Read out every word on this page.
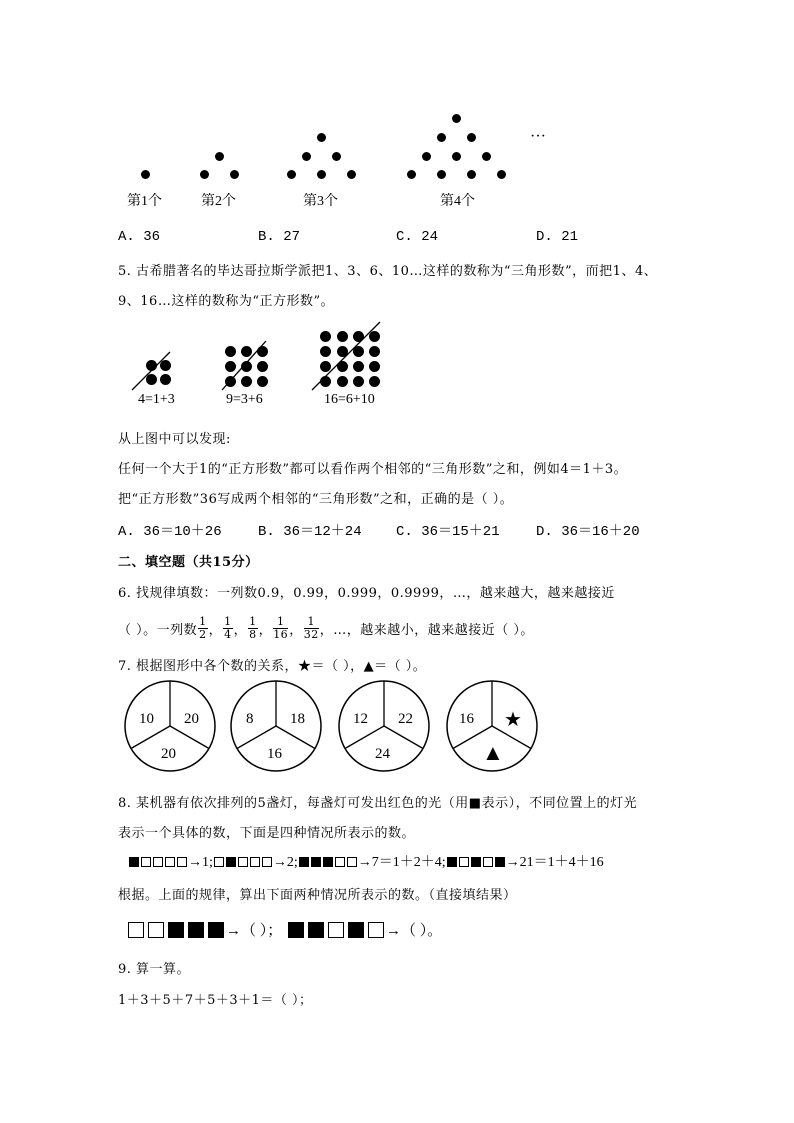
···
第1个	第2个	第3个	第4个
A. 36	B. 27	C. 24	D. 21
5. 古希腊著名的毕达哥拉斯学派把1、3、6、10…这样的数称为“三角形数”，而把1、4、
9、16…这样的数称为“正方形数”。
4=1+3	9=3+6	16=6+10
从上图中可以发现:
任何一个大于1的“正方形数”都可以看作两个相邻的“三角形数”之和，例如4＝1＋3。
把“正方形数”36写成两个相邻的“三角形数”之和，正确的是（ ）。
A. 36＝10＋26	B. 36＝12＋24 C. 36＝15＋21	D. 36＝16＋20
二、填空题（共15分）
6. 找规律填数：一列数0.9，0.99，0.999，0.9999，…，越来越大，越来越接近
（ ）。一列数 $\frac{1}{2}$ ， $\frac{1}{4}$ ， $\frac{1}{8}$ ， $\frac{1}{16}$ ， $\frac{1}{32}$ ，…，越来越小，越来越接近（ ）。
7. 根据图形中各个数的关系，★＝（ ），▲＝（ ）。
10 20
20
8 18
16
12 22
24
16 ★
▲
8. 某机器有依次排列的5盏灯，每盏灯可发出红色的光（用■表示），不同位置上的灯光
表示一个具体的数，下面是四种情况所表示的数。
→1;	→2;	→7＝1＋2＋4;	→21＝1＋4＋16
根据。上面的规律，算出下面两种情况所表示的数。（直接填结果）
→（ ）；	→（ ）。
9. 算一算。
1＋3＋5＋7＋5＋3＋1＝（ ）；
